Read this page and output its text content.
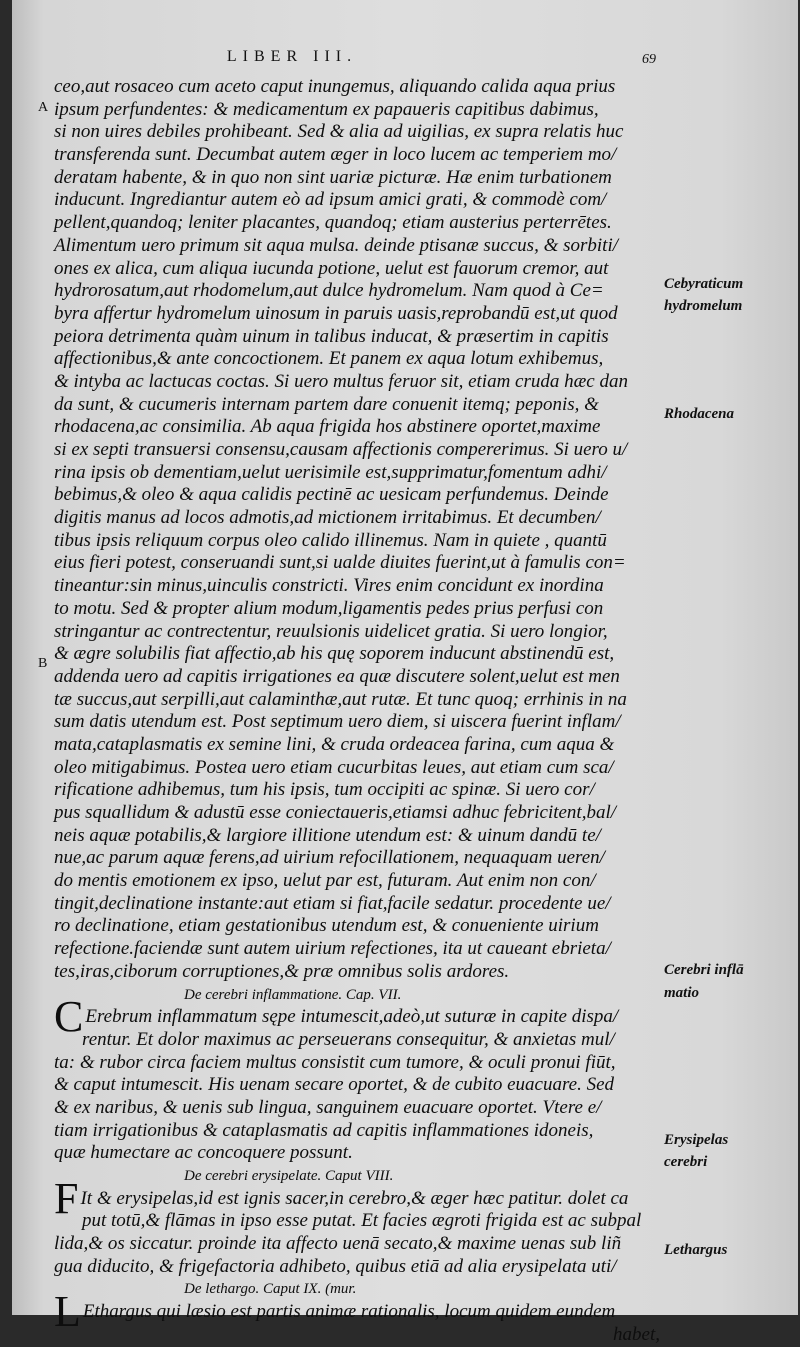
LIBER III.	69
A
B
ceo,aut rosaceo cum aceto caput inungemus, aliquando calida aqua prius
ipsum perfundentes: & medicamentum ex papaueris capitibus dabimus,
si non uires debiles prohibeant. Sed & alia ad uigilias, ex supra relatis huc
transferenda sunt. Decumbat autem æger in loco lucem ac temperiem mo/
deratam habente, & in quo non sint uariæ picturæ. Hæ enim turbationem
inducunt. Ingrediantur autem eò ad ipsum amici grati, & commodè com/
pellent,quandoq; leniter placantes, quandoq; etiam austerius perterrētes.
Alimentum uero primum sit aqua mulsa. deinde ptisanæ succus, & sorbiti/
ones ex alica, cum aliqua iucunda potione, uelut est fauorum cremor, aut
hydrorosatum,aut rhodomelum,aut dulce hydromelum. Nam quod à Ce=
byra affertur hydromelum uinosum in paruis uasis,reprobandū est,ut quod
peiora detrimenta quàm uinum in talibus inducat, & præsertim in capitis
affectionibus,& ante concoctionem. Et panem ex aqua lotum exhibemus,
& intyba ac lactucas coctas. Si uero multus feruor sit, etiam cruda hæc dan
da sunt, & cucumeris internam partem dare conuenit itemq; peponis, &
rhodacena,ac consimilia. Ab aqua frigida hos abstinere oportet,maxime
si ex septi transuersi consensu,causam affectionis compererimus. Si uero u/
rina ipsis ob dementiam,uelut uerisimile est,supprimatur,fomentum adhi/
bebimus,& oleo & aqua calidis pectinē ac uesicam perfundemus. Deinde
digitis manus ad locos admotis,ad mictionem irritabimus. Et decumben/
tibus ipsis reliquum corpus oleo calido illinemus. Nam in quiete , quantū
eius fieri potest, conseruandi sunt,si ualde diuites fuerint,ut à famulis con=
tineantur:sin minus,uinculis constricti. Vires enim concidunt ex inordina
to motu. Sed & propter alium modum,ligamentis pedes prius perfusi con
stringantur ac contrectentur, reuulsionis uidelicet gratia. Si uero longior,
& ægre solubilis fiat affectio,ab his quę soporem inducunt abstinendū est,
addenda uero ad capitis irrigationes ea quæ discutere solent,uelut est men
tæ succus,aut serpilli,aut calaminthæ,aut rutæ. Et tunc quoq; errhinis in na
sum datis utendum est. Post septimum uero diem, si uiscera fuerint inflam/
mata,cataplasmatis ex semine lini, & cruda ordeacea farina, cum aqua &
oleo mitigabimus. Postea uero etiam cucurbitas leues, aut etiam cum sca/
rificatione adhibemus, tum his ipsis, tum occipiti ac spinæ. Si uero cor/
pus squallidum & adustū esse coniectaueris,etiamsi adhuc febricitent,bal/
neis aquæ potabilis,& largiore illitione utendum est: & uinum dandū te/
nue,ac parum aquæ ferens,ad uirium refocillationem, nequaquam ueren/
do mentis emotionem ex ipso, uelut par est, futuram. Aut enim non con/
tingit,declinatione instante:aut etiam si fiat,facile sedatur. procedente ue/
ro declinatione, etiam gestationibus utendum est, & conueniente uirium
refectione.faciendæ sunt autem uirium refectiones, ita ut caueant ebrieta/
tes,iras,ciborum corruptiones,& præ omnibus solis ardores.
De cerebri inflammatione. Cap. VII.
C Erebrum inflammatum sępe intumescit,adeò,ut suturæ in capite dispa/
rentur. Et dolor maximus ac perseuerans consequitur, & anxietas mul/
ta: & rubor circa faciem multus consistit cum tumore, & oculi pronui fiūt,
& caput intumescit. His uenam secare oportet, & de cubito euacuare. Sed
& ex naribus, & uenis sub lingua, sanguinem euacuare oportet. Vtere e/
tiam irrigationibus & cataplasmatis ad capitis inflammationes idoneis,
quæ humectare ac concoquere possunt.
De cerebri erysipelate. Caput VIII.
F It & erysipelas,id est ignis sacer,in cerebro,& æger hæc patitur. dolet ca
put totū,& flāmas in ipso esse putat. Et facies ægroti frigida est ac subpal
lida,& os siccatur. proinde ita affecto uenā secato,& maxime uenas sub liñ
gua diducito, & frigefactoria adhibeto, quibus etiā ad alia erysipelata uti/
De lethargo. Caput IX. (mur.
L Ethargus qui læsio est partis animæ rationalis, locum quidem eundem
habet,
Cebyraticum
hydromelum
Rhodacena
Cerebri inflā
matio
Erysipelas
cerebri
Lethargus
